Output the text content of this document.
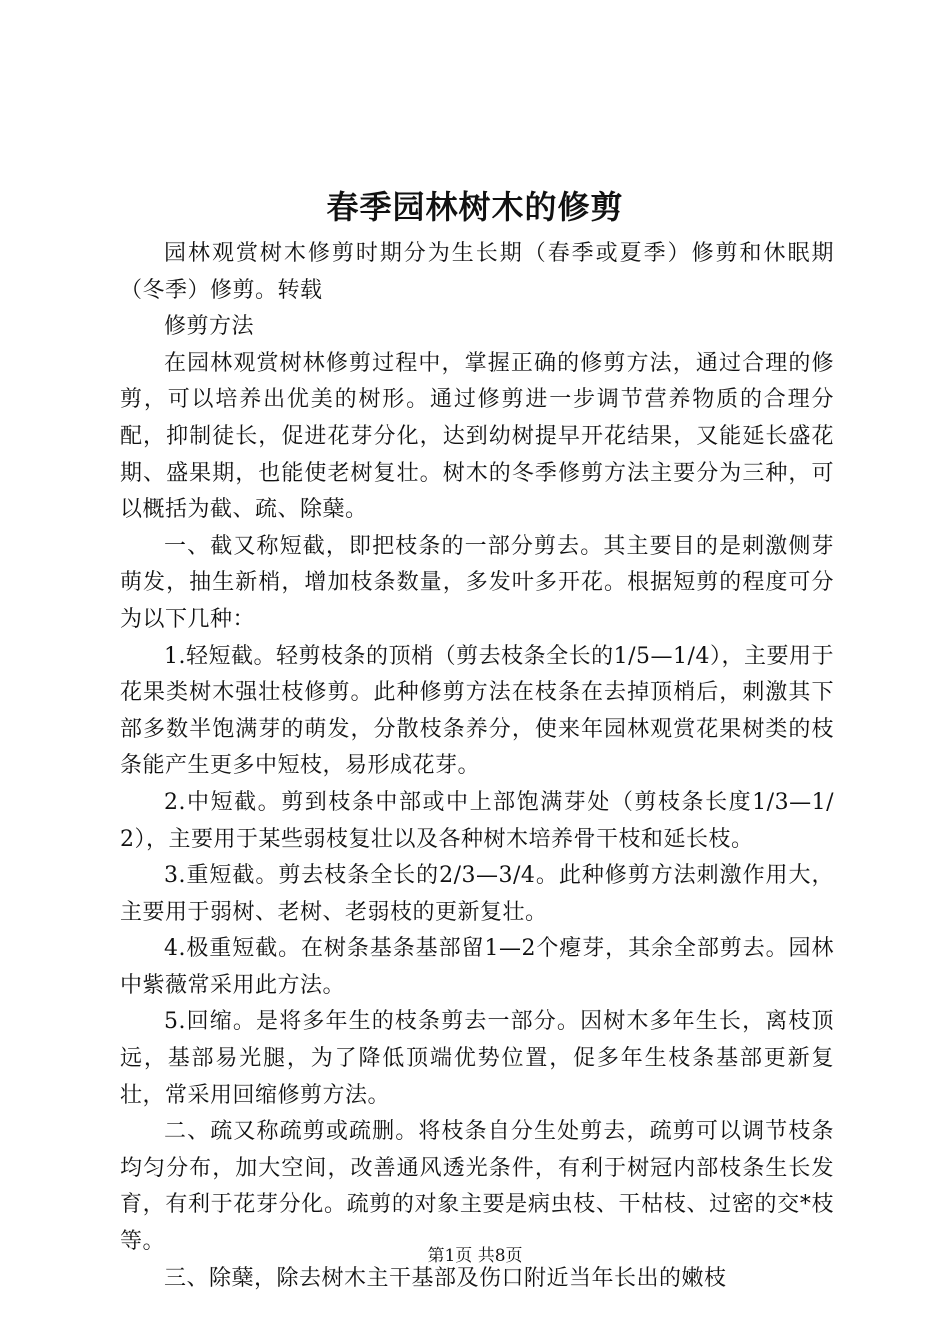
春季园林树木的修剪

园林观赏树木修剪时期分为生长期（春季或夏季）修剪和休眠期（冬季）修剪。转载

修剪方法

在园林观赏树林修剪过程中，掌握正确的修剪方法，通过合理的修剪，可以培养出优美的树形。通过修剪进一步调节营养物质的合理分配，抑制徒长，促进花芽分化，达到幼树提早开花结果，又能延长盛花期、盛果期，也能使老树复壮。树木的冬季修剪方法主要分为三种，可以概括为截、疏、除蘖。

一、截又称短截，即把枝条的一部分剪去。其主要目的是刺激侧芽萌发，抽生新梢，增加枝条数量，多发叶多开花。根据短剪的程度可分为以下几种：

1.轻短截。轻剪枝条的顶梢（剪去枝条全长的1/5—1/4），主要用于花果类树木强壮枝修剪。此种修剪方法在枝条在去掉顶梢后，刺激其下部多数半饱满芽的萌发，分散枝条养分，使来年园林观赏花果树类的枝条能产生更多中短枝，易形成花芽。

2.中短截。剪到枝条中部或中上部饱满芽处（剪枝条长度1/3—1/2），主要用于某些弱枝复壮以及各种树木培养骨干枝和延长枝。

3.重短截。剪去枝条全长的2/3—3/4。此种修剪方法刺激作用大，主要用于弱树、老树、老弱枝的更新复壮。

4.极重短截。在树条基条基部留1—2个瘪芽，其余全部剪去。园林中紫薇常采用此方法。

5.回缩。是将多年生的枝条剪去一部分。因树木多年生长，离枝顶远，基部易光腿，为了降低顶端优势位置，促多年生枝条基部更新复壮，常采用回缩修剪方法。

二、疏又称疏剪或疏删。将枝条自分生处剪去，疏剪可以调节枝条均匀分布，加大空间，改善通风透光条件，有利于树冠内部枝条生长发育，有利于花芽分化。疏剪的对象主要是病虫枝、干枯枝、过密的交*枝等。

三、除蘖，除去树木主干基部及伤口附近当年长出的嫩枝

第1页 共8页
